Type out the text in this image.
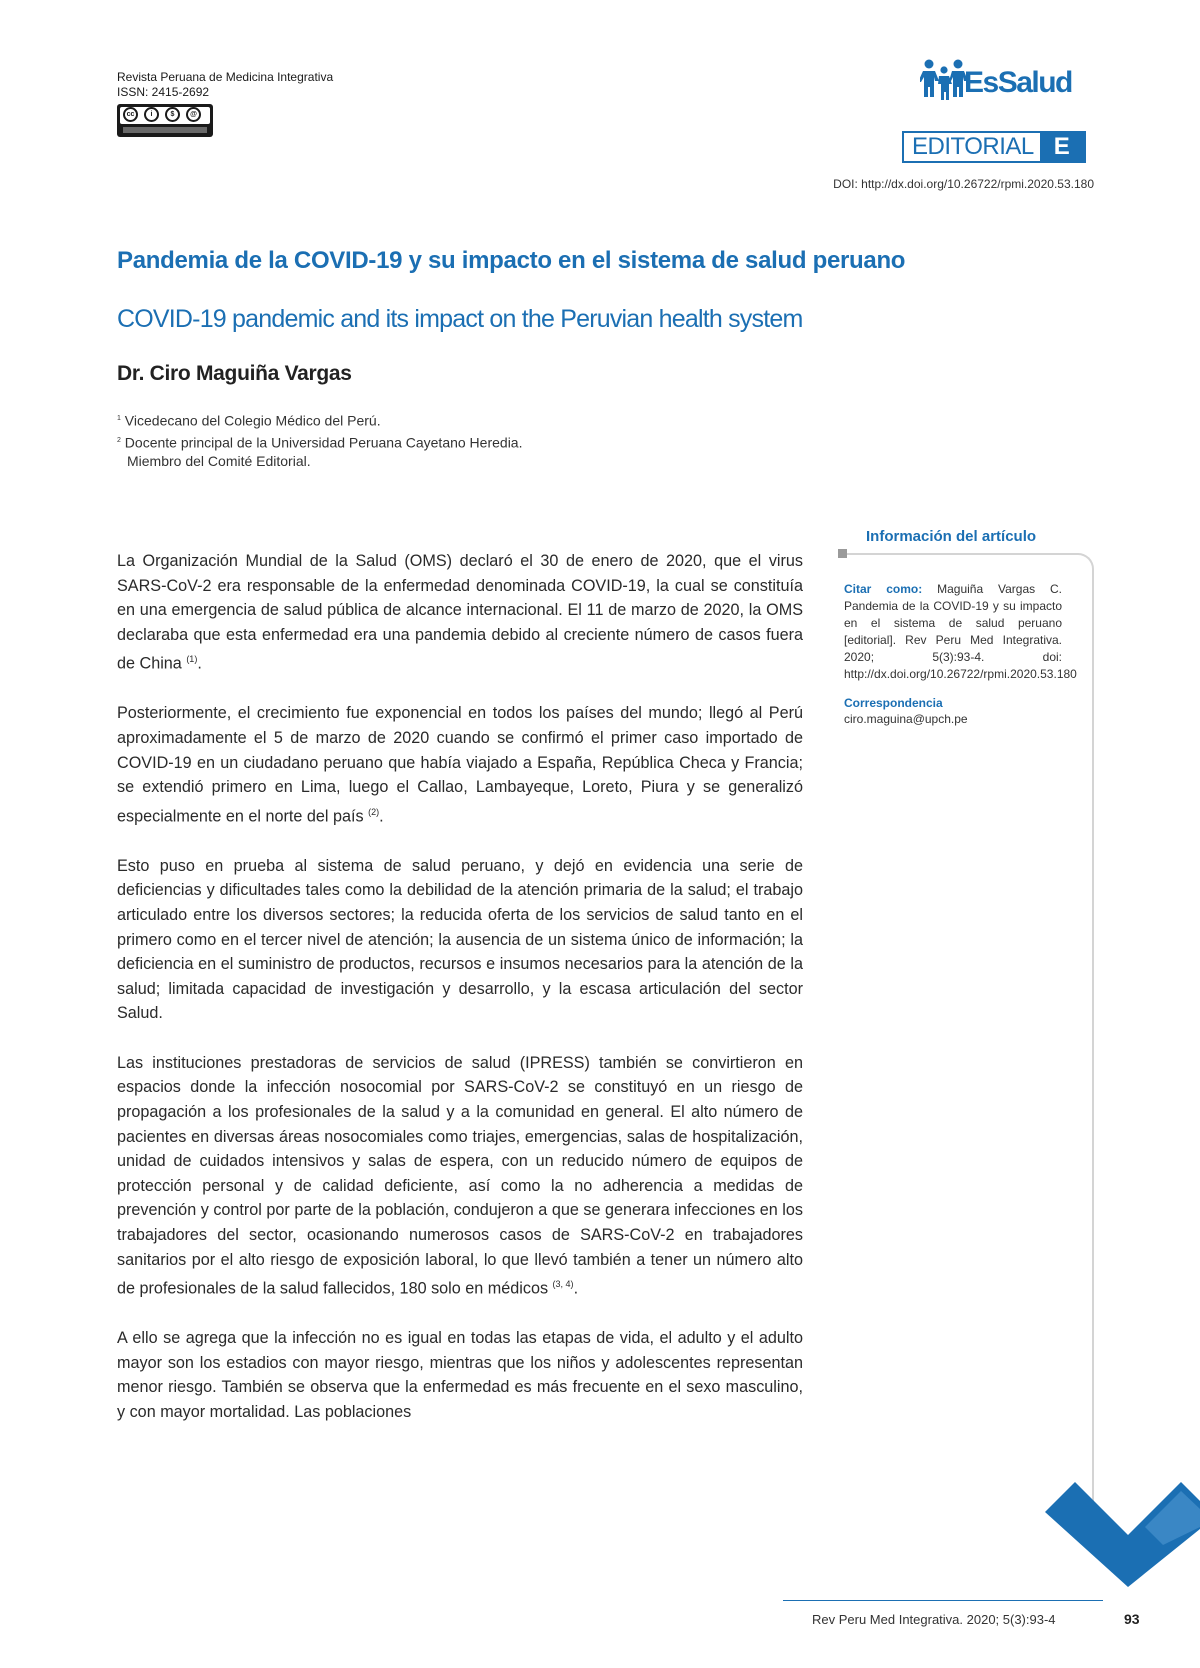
Revista Peruana de Medicina Integrativa
ISSN: 2415-2692
cc	i	$	@
EsSalud
EDITORIAL E
DOI: http://dx.doi.org/10.26722/rpmi.2020.53.180
Pandemia de la COVID-19 y su impacto en el sistema de salud peruano
COVID-19 pandemic and its impact on the Peruvian health system
Dr. Ciro Maguiña Vargas
$^1$ Vicedecano del Colegio Médico del Perú.
$^2$ Docente principal de la Universidad Peruana Cayetano Heredia.
Miembro del Comité Editorial.

La Organización Mundial de la Salud (OMS) declaró el 30 de enero de 2020, que el virus SARS-CoV-2 era responsable de la enfermedad denominada COVID-19, la cual se constituía en una emergencia de salud pública de alcance internacional. El 11 de marzo de 2020, la OMS declaraba que esta enfermedad era una pandemia debido al creciente número de casos fuera de China $^{(1)}$.

Posteriormente, el crecimiento fue exponencial en todos los países del mundo; llegó al Perú aproximadamente el 5 de marzo de 2020 cuando se confirmó el primer caso importado de COVID-19 en un ciudadano peruano que había viajado a España, República Checa y Francia; se extendió primero en Lima, luego el Callao, Lambayeque, Loreto, Piura y se generalizó especialmente en el norte del país $^{(2)}$.

Esto puso en prueba al sistema de salud peruano, y dejó en evidencia una serie de deficiencias y dificultades tales como la debilidad de la atención primaria de la salud; el trabajo articulado entre los diversos sectores; la reducida oferta de los servicios de salud tanto en el primero como en el tercer nivel de atención; la ausencia de un sistema único de información; la deficiencia en el suministro de productos, recursos e insumos necesarios para la atención de la salud; limitada capacidad de investigación y desarrollo, y la escasa articulación del sector Salud.

Las instituciones prestadoras de servicios de salud (IPRESS) también se convirtieron en espacios donde la infección nosocomial por SARS-CoV-2 se constituyó en un riesgo de propagación a los profesionales de la salud y a la comunidad en general. El alto número de pacientes en diversas áreas nosocomiales como triajes, emergencias, salas de hospitalización, unidad de cuidados intensivos y salas de espera, con un reducido número de equipos de protección personal y de calidad deficiente, así como la no adherencia a medidas de prevención y control por parte de la población, condujeron a que se generara infecciones en los trabajadores del sector, ocasionando numerosos casos de SARS-CoV-2 en trabajadores sanitarios por el alto riesgo de exposición laboral, lo que llevó también a tener un número alto de profesionales de la salud fallecidos, 180 solo en médicos $^{(3, 4)}$.

A ello se agrega que la infección no es igual en todas las etapas de vida, el adulto y el adulto mayor son los estadios con mayor riesgo, mientras que los niños y adolescentes representan menor riesgo. También se observa que la enfermedad es más frecuente en el sexo masculino, y con mayor mortalidad. Las poblaciones

Información del artículo
Citar como: Maguiña Vargas C. Pandemia de la COVID-19 y su impacto en el sistema de salud peruano [editorial]. Rev Peru Med Integrativa. 2020; 5(3):93-4. doi: http://dx.doi.org/10.26722/rpmi.2020.53.180
Correspondencia
ciro.maguina@upch.pe
Rev Peru Med Integrativa. 2020; 5(3):93-4	93
